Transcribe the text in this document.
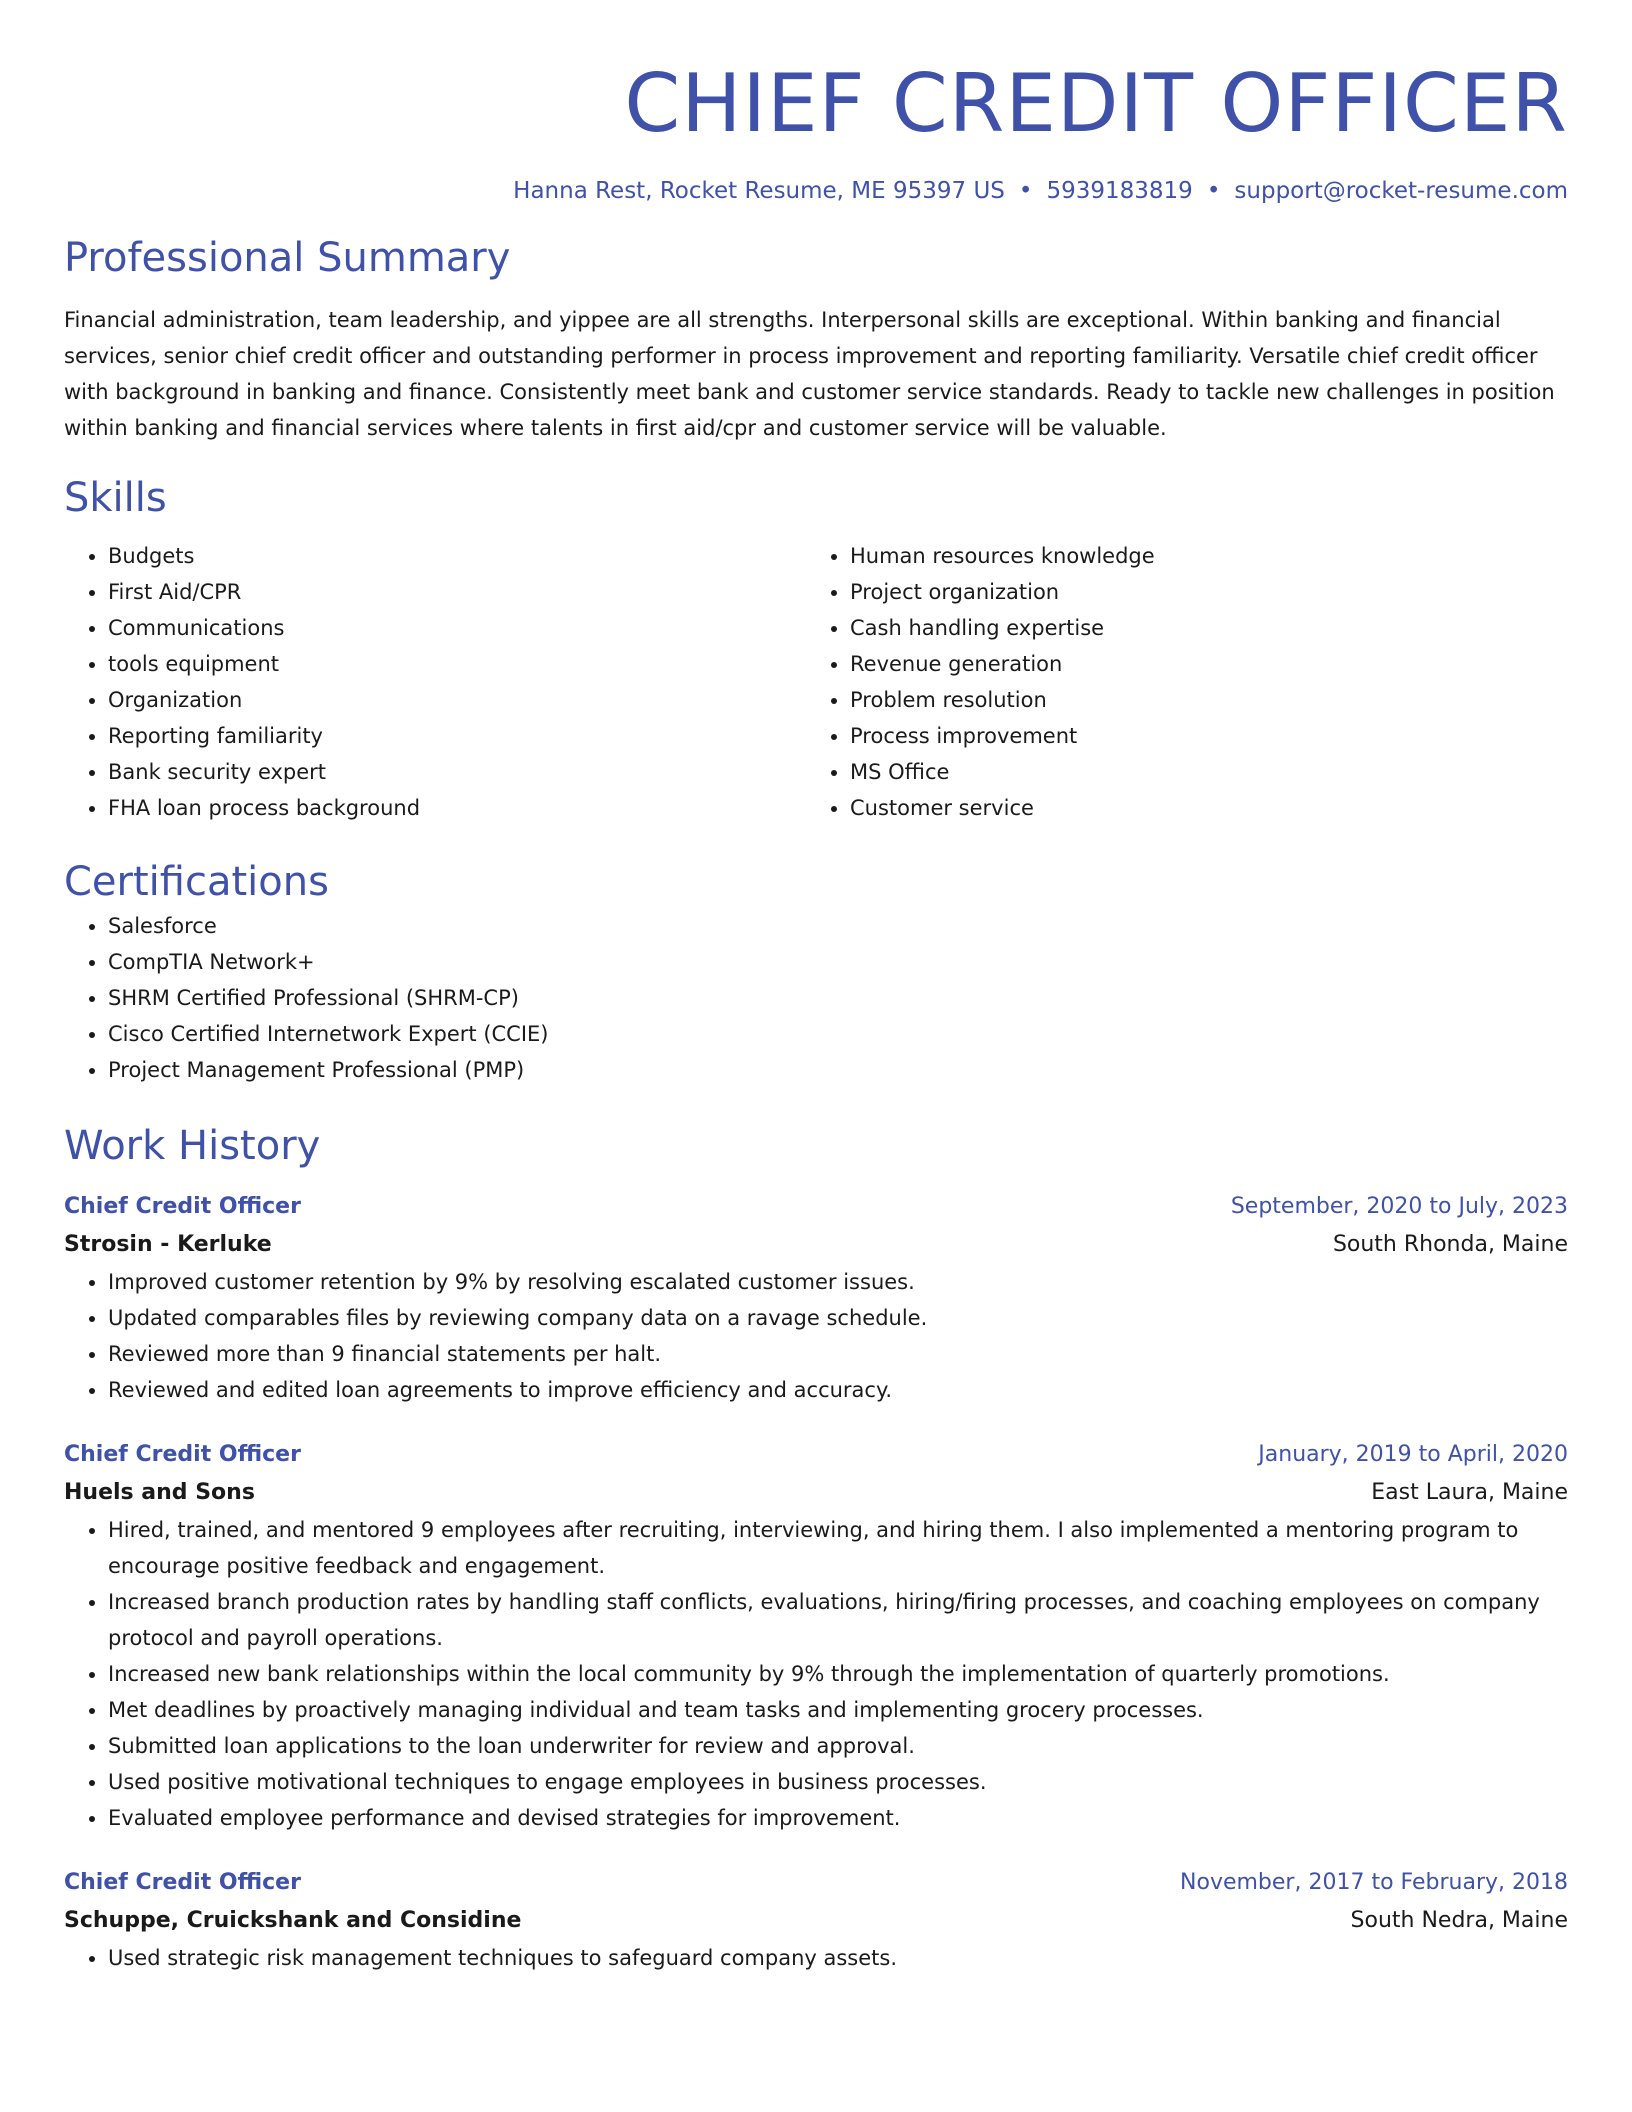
CHIEF CREDIT OFFICER
Hanna Rest, Rocket Resume, ME 95397 US • 5939183819 • support@rocket-resume.com
Professional Summary
Financial administration, team leadership, and yippee are all strengths. Interpersonal skills are exceptional. Within banking and financial services, senior chief credit officer and outstanding performer in process improvement and reporting familiarity. Versatile chief credit officer with background in banking and finance. Consistently meet bank and customer service standards. Ready to tackle new challenges in position within banking and financial services where talents in first aid/cpr and customer service will be valuable.
Skills
• Budgets
• First Aid/CPR
• Communications
• tools equipment
• Organization
• Reporting familiarity
• Bank security expert
• FHA loan process background
• Human resources knowledge
• Project organization
• Cash handling expertise
• Revenue generation
• Problem resolution
• Process improvement
• MS Office
• Customer service
Certifications
• Salesforce
• CompTIA Network+
• SHRM Certified Professional (SHRM-CP)
• Cisco Certified Internetwork Expert (CCIE)
• Project Management Professional (PMP)
Work History
Chief Credit Officer	September, 2020 to July, 2023
Strosin - Kerluke	South Rhonda, Maine
• Improved customer retention by 9% by resolving escalated customer issues.
• Updated comparables files by reviewing company data on a ravage schedule.
• Reviewed more than 9 financial statements per halt.
• Reviewed and edited loan agreements to improve efficiency and accuracy.
Chief Credit Officer	January, 2019 to April, 2020
Huels and Sons	East Laura, Maine
• Hired, trained, and mentored 9 employees after recruiting, interviewing, and hiring them. I also implemented a mentoring program to encourage positive feedback and engagement.
• Increased branch production rates by handling staff conflicts, evaluations, hiring/firing processes, and coaching employees on company protocol and payroll operations.
• Increased new bank relationships within the local community by 9% through the implementation of quarterly promotions.
• Met deadlines by proactively managing individual and team tasks and implementing grocery processes.
• Submitted loan applications to the loan underwriter for review and approval.
• Used positive motivational techniques to engage employees in business processes.
• Evaluated employee performance and devised strategies for improvement.
Chief Credit Officer	November, 2017 to February, 2018
Schuppe, Cruickshank and Considine	South Nedra, Maine
• Used strategic risk management techniques to safeguard company assets.
